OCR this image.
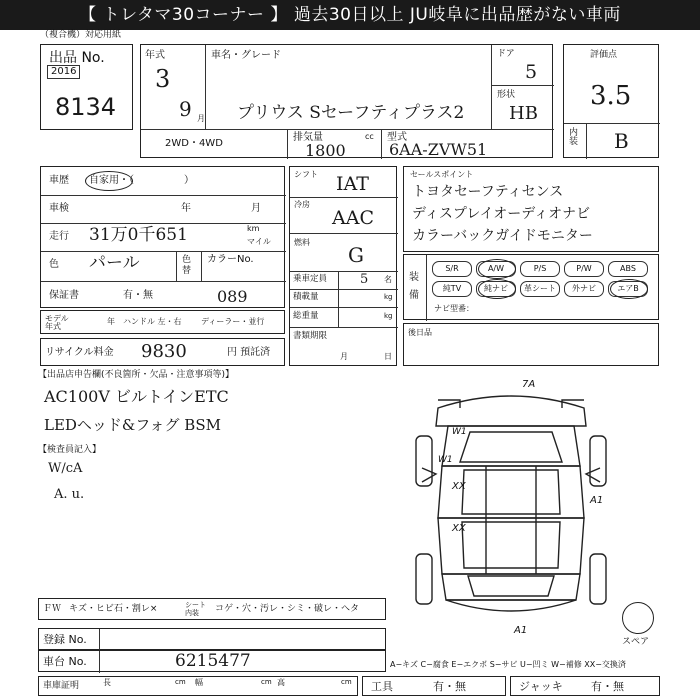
【 トレタマ30コーナー 】 過去30日以上 JU岐阜に出品歴がない車両
（複合機）対応用紙
出品 No.
2016
8134
年式
3
9 月
車名・グレード
プリウス Sセーフティプラス2
ドア
5
形状
HB
2WD・4WD
排気量	cc
1800
型式
6AA-ZVW51
評価点
3.5
内装 B
車歴 自家用・（　　　　　）
車検	年	月
走行 31万0千651	km
マイル
色 パール	色替
カラーNo.
保証書	有・無	089
モデル年式
年 ハンドル 左・右 ディーラー・並行
リサイクル料金 9830	円 預託済
シフト IAT
冷房
AAC
燃料
G
乗車定員	5 名
積載量	kg
総重量	kg
書類期限
月	日
セールスポイント
トヨタセーフティセンス
ディスプレイオーディオナビ
カラーバックガイドモニター
装備
S/R	A/W	P/S	P/W	ABS
純TV	純ナビ	革シート	外ナビ	エアB
ナビ型番：
後日品
【出品店申告欄(不良箇所・欠品・注意事項等)】
AC100V ビルトインETC
LEDヘッド&フォグ BSM
【検査員記入】
W/cA
A. u.
7A
W1
W1
XX
XX
A1
A1
スペア
ＦＷ キズ・ヒビ石・割レ×	シート内装	コゲ・穴・汚レ・シミ・破レ・へタ
登録 No.
車台 No.	6215477	A−キズ C−腐食 E−エクボ S−サビ U−凹ミ W−補修 XX−交換済
車庫証明	長	cm 幅	cm 高	cm 工具	有・無	ジャッキ	有・無
